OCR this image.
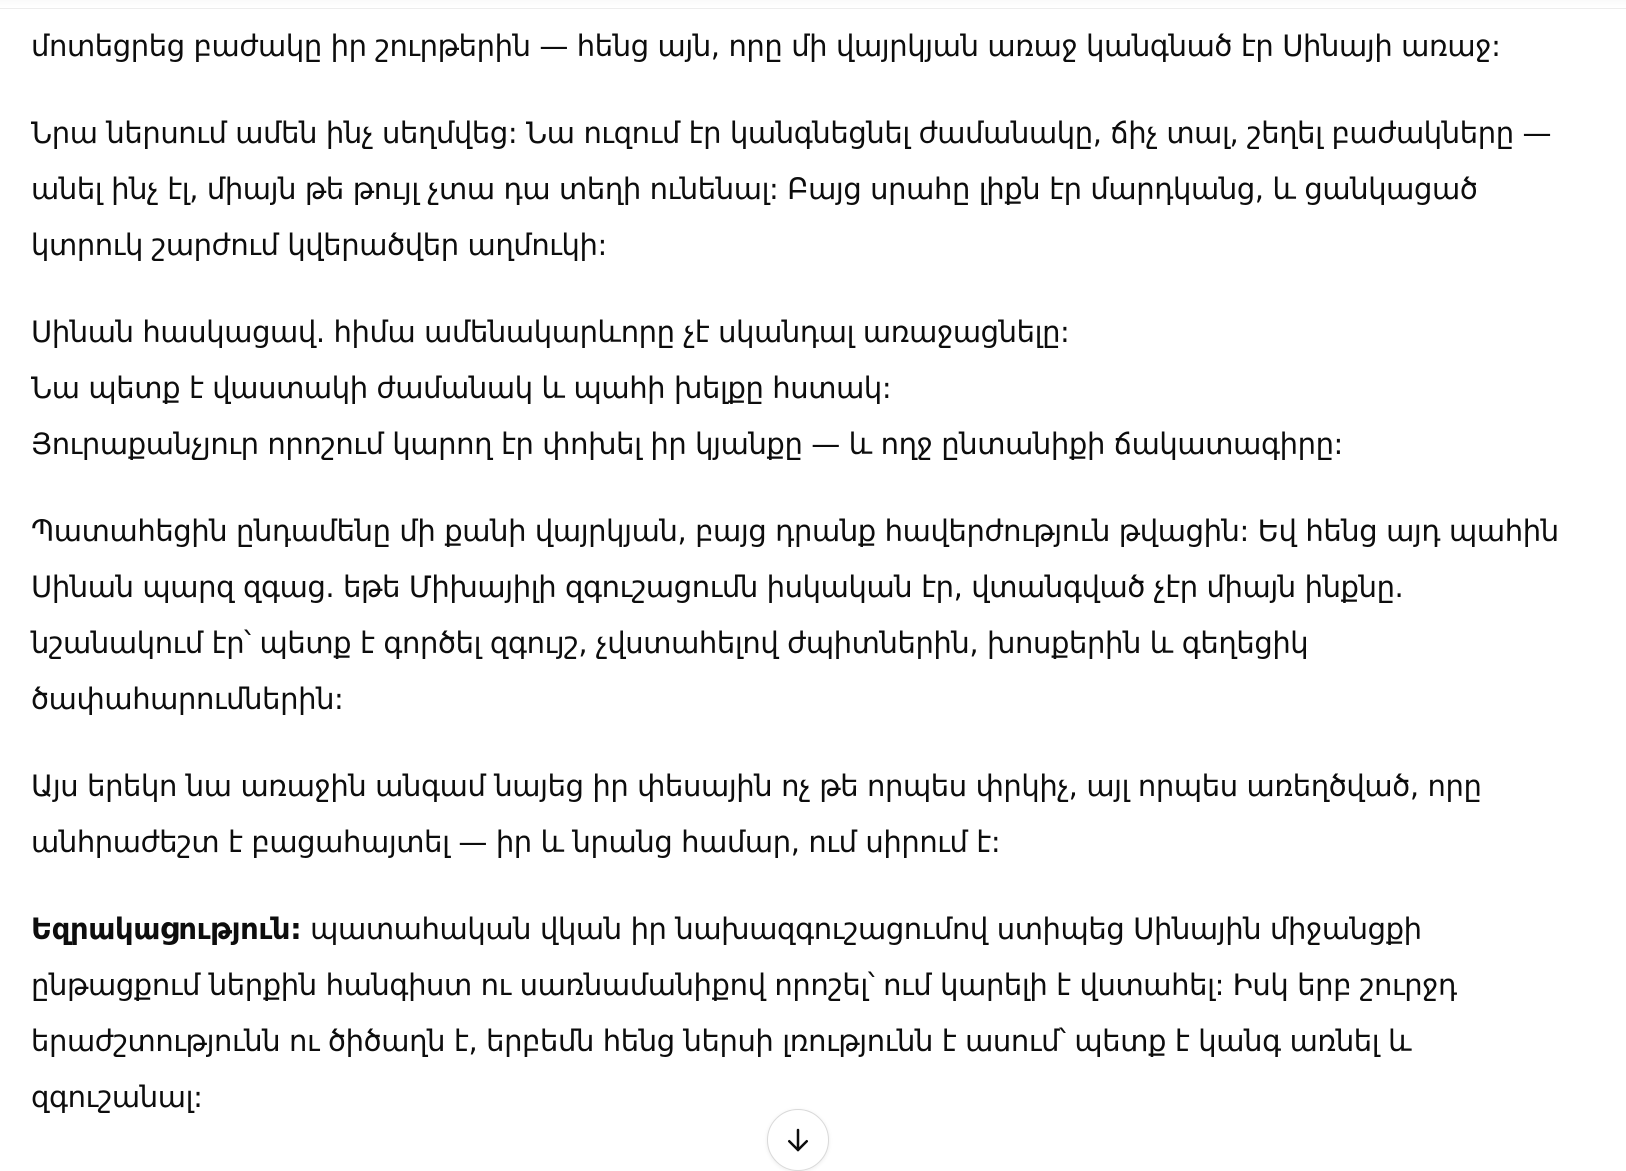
մոտեցրեց բաժակը իր շուրթերին — հենց այն, որը մի վայրկյան առաջ կանգնած էր Սինայի առաջ:

Նրա ներսում ամեն ինչ սեղմվեց: Նա ուզում էր կանգնեցնել ժամանակը, ճիչ տալ, շեղել բաժակները —
անել ինչ էլ, միայն թե թույլ չտա դա տեղի ունենալ: Բայց սրահը լիքն էր մարդկանց, և ցանկացած
կտրուկ շարժում կվերածվեր աղմուկի:

Սինան հասկացավ. հիմա ամենակարևորը չէ սկանդալ առաջացնելը:
Նա պետք է վաստակի ժամանակ և պահի խելքը հստակ:
Յուրաքանչյուր որոշում կարող էր փոխել իր կյանքը — և ողջ ընտանիքի ճակատագիրը:

Պատահեցին ընդամենը մի քանի վայրկյան, բայց դրանք հավերժություն թվացին: Եվ հենց այդ պահին
Սինան պարզ զգաց. եթե Միխայիլի զգուշացումն իսկական էր, վտանգված չէր միայն ինքնը.
նշանակում էր՝ պետք է գործել զգույշ, չվստահելով ժպիտներին, խոսքերին և գեղեցիկ
ծափահարումներին:

Այս երեկո նա առաջին անգամ նայեց իր փեսային ոչ թե որպես փրկիչ, այլ որպես առեղծված, որը
անհրաժեշտ է բացահայտել — իր և նրանց համար, ում սիրում է:

Եզրակացություն: պատահական վկան իր նախազգուշացումով ստիպեց Սինային միջանցքի
ընթացքում ներքին հանգիստ ու սառնամանիքով որոշել՝ ում կարելի է վստահել: Իսկ երբ շուրջդ
երաժշտությունն ու ծիծաղն է, երբեմն հենց ներսի լռությունն է ասում՝ պետք է կանգ առնել և
զգուշանալ:
